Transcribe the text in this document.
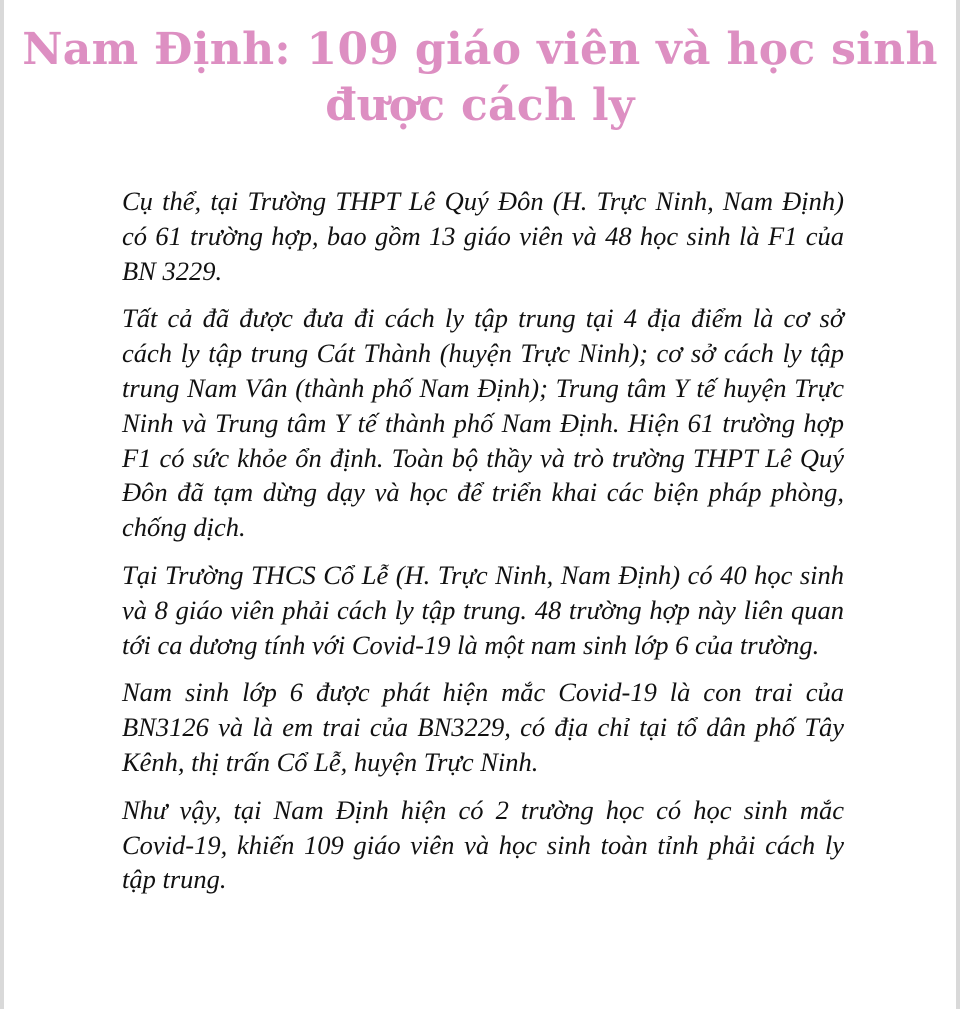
Nam Định: 109 giáo viên và học sinh được cách ly

Cụ thể, tại Trường THPT Lê Quý Đôn (H. Trực Ninh, Nam Định) có 61 trường hợp, bao gồm 13 giáo viên và 48 học sinh là F1 của BN 3229.

Tất cả đã được đưa đi cách ly tập trung tại 4 địa điểm là cơ sở cách ly tập trung Cát Thành (huyện Trực Ninh); cơ sở cách ly tập trung Nam Vân (thành phố Nam Định); Trung tâm Y tế huyện Trực Ninh và Trung tâm Y tế thành phố Nam Định. Hiện 61 trường hợp F1 có sức khỏe ổn định. Toàn bộ thầy và trò trường THPT Lê Quý Đôn đã tạm dừng dạy và học để triển khai các biện pháp phòng, chống dịch.

Tại Trường THCS Cổ Lễ (H. Trực Ninh, Nam Định) có 40 học sinh và 8 giáo viên phải cách ly tập trung. 48 trường hợp này liên quan tới ca dương tính với Covid-19 là một nam sinh lớp 6 của trường.

Nam sinh lớp 6 được phát hiện mắc Covid-19 là con trai của BN3126 và là em trai của BN3229, có địa chỉ tại tổ dân phố Tây Kênh, thị trấn Cổ Lễ, huyện Trực Ninh.

Như vậy, tại Nam Định hiện có 2 trường học có học sinh mắc Covid-19, khiến 109 giáo viên và học sinh toàn tỉnh phải cách ly tập trung.
